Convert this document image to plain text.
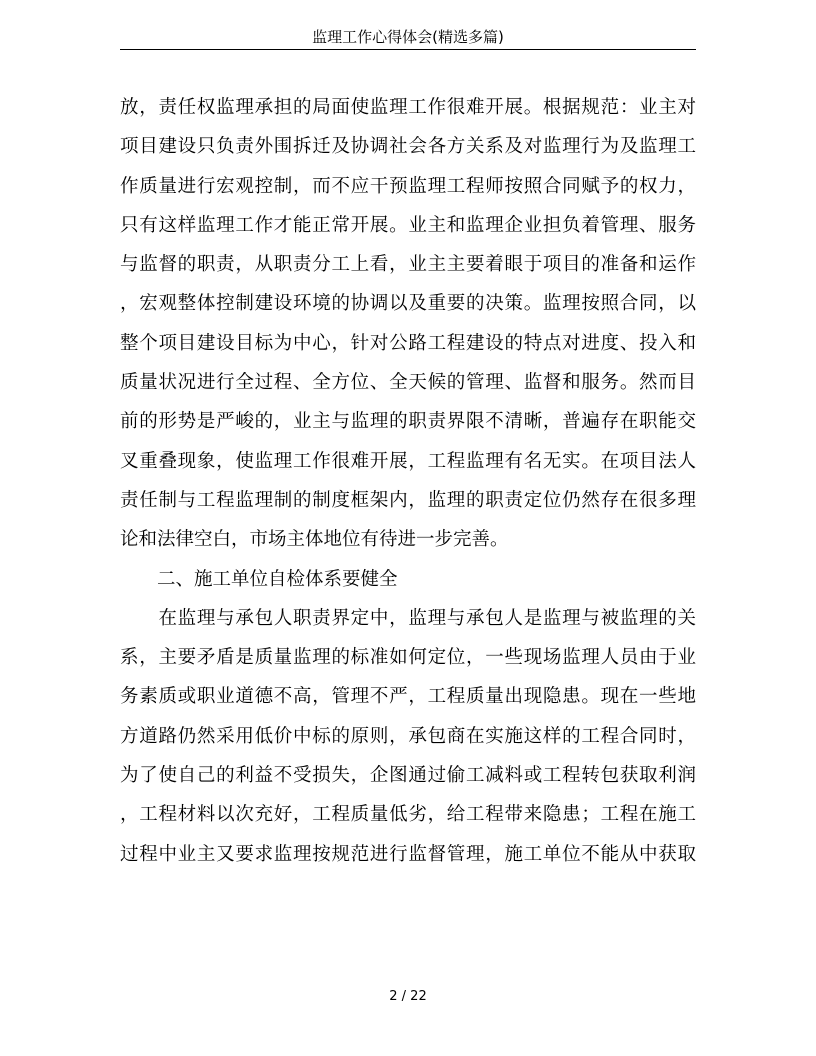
监理工作心得体会(精选多篇)
放，责任权监理承担的局面使监理工作很难开展。根据规范：业主对
项目建设只负责外围拆迁及协调社会各方关系及对监理行为及监理工
作质量进行宏观控制，而不应干预监理工程师按照合同赋予的权力，
只有这样监理工作才能正常开展。业主和监理企业担负着管理、服务
与监督的职责，从职责分工上看，业主主要着眼于项目的准备和运作
，宏观整体控制建设环境的协调以及重要的决策。监理按照合同，以
整个项目建设目标为中心，针对公路工程建设的特点对进度、投入和
质量状况进行全过程、全方位、全天候的管理、监督和服务。然而目
前的形势是严峻的，业主与监理的职责界限不清晰，普遍存在职能交
叉重叠现象，使监理工作很难开展，工程监理有名无实。在项目法人
责任制与工程监理制的制度框架内，监理的职责定位仍然存在很多理
论和法律空白，市场主体地位有待进一步完善。
　　二、施工单位自检体系要健全
　　在监理与承包人职责界定中，监理与承包人是监理与被监理的关
系，主要矛盾是质量监理的标准如何定位，一些现场监理人员由于业
务素质或职业道德不高，管理不严，工程质量出现隐患。现在一些地
方道路仍然采用低价中标的原则，承包商在实施这样的工程合同时，
为了使自己的利益不受损失，企图通过偷工减料或工程转包获取利润
，工程材料以次充好，工程质量低劣，给工程带来隐患；工程在施工
过程中业主又要求监理按规范进行监督管理，施工单位不能从中获取
2 / 22
